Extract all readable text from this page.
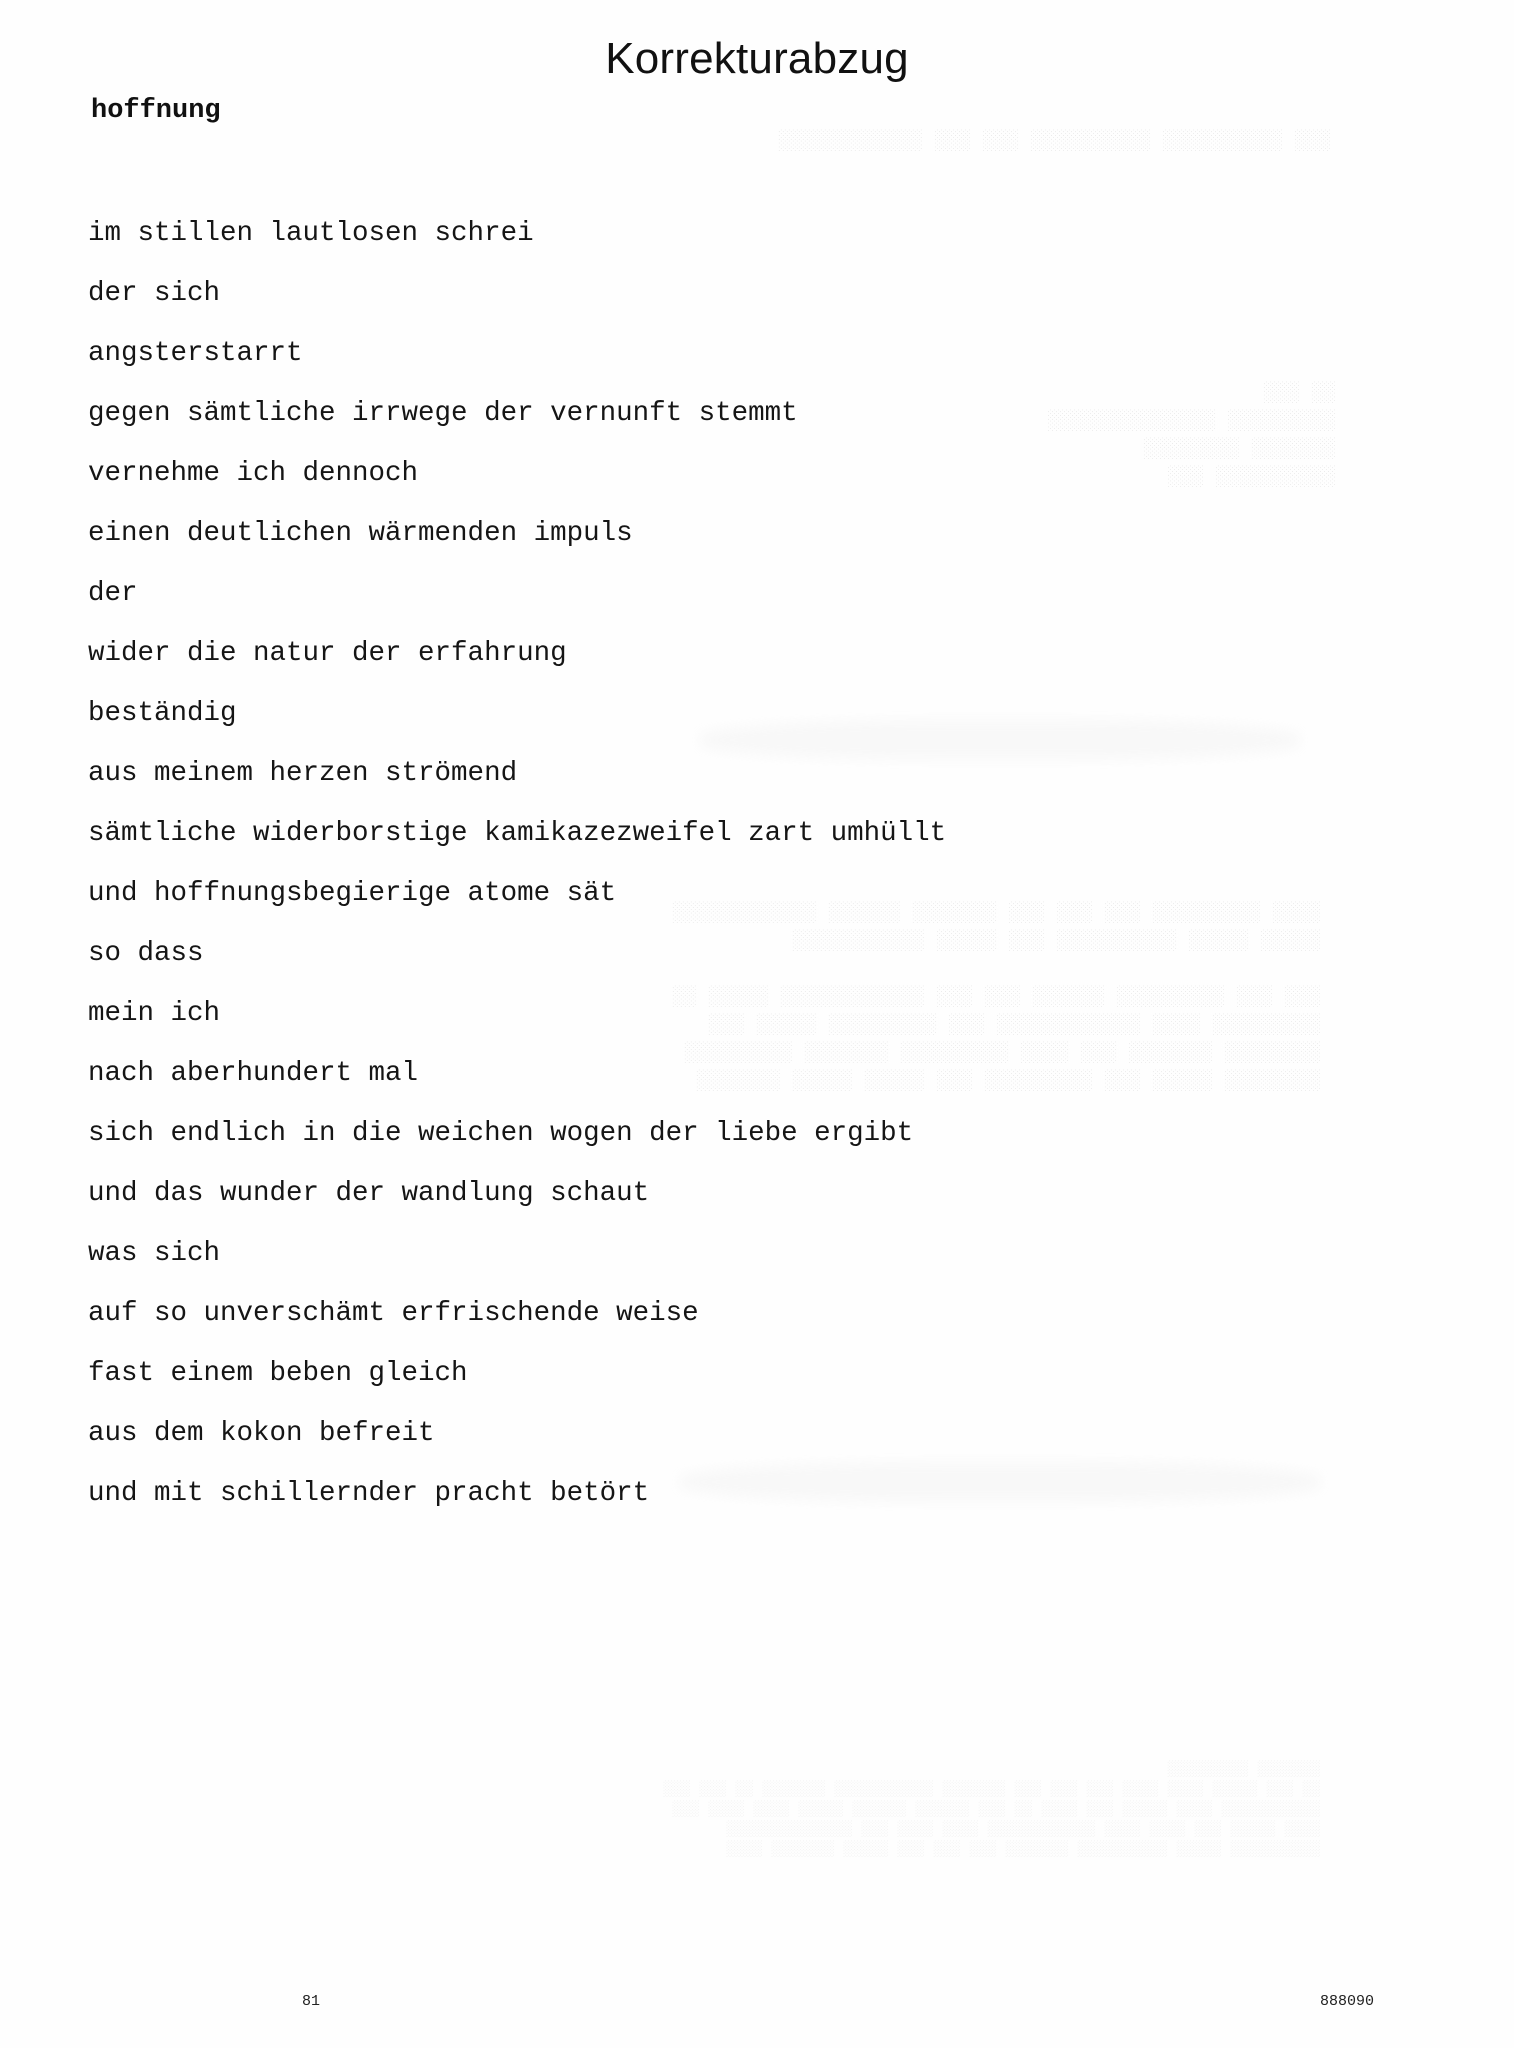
░░░ ░░░░░░░░░░ ░░░░░░░░░░ ░░░ ░░░ ░░░░░░░░░░░░
░░ ░░░
░░░░░░░░░ ░░░░░░░░░░░░░░
░░░░░░░ ░░░░░░░░
░░░░░░░░░░ ░░░
░░░░ ░░░░░░░░░ ░░░ ░░░ ░░░ ░░░░░░░ ░░░░░░ ░░░░░░░░░░░░
░░░░░ ░░░░░ ░░░░░░░░░░ ░░░ ░░░░░ ░░░░░░░░░░░

░░░ ░░░ ░░░░░░░░░ ░░░░░░ ░░░ ░░░ ░░░░░░░░░░░░ ░░░░░ ░░
░░░░░░░░░ ░░░░ ░░░░░░░░░░░░ ░░░ ░░░░░░░░░ ░░░░░ ░░░
░░░░░░░░ ░░░░░░░ ░░░ ░░░░ ░░░░░░░░░ ░░░░░░░ ░░░░░░░░░
░░░░░░░░ ░░░░░ ░░░ ░░░░░░░░░ ░░░ ░░░░░ ░░░░░ ░░░░░░░
░░░░░░░ ░░░░░░░░░
░░ ░░░ ░░░░░ ░░░░ ░░░░ ░░░ ░░░ ░░░ ░░░░░░░ ░░░░░░░░░░░ ░░░░░░░ ░░ ░░░ ░░░
░░░░░░░░░░░ ░░░░ ░░░░░ ░░░ ░░░░ ░░ ░░░ ░░░░░░ ░░░░░░ ░░░░░ ░░░░ ░░░░ ░░░
░░░░ ░░░░░ ░░░ ░░░░ ░░░░ ░░░░░░░░░░░░ ░░░░ ░░░░ ░░░ ░░░░░░░░░░░░░░
░░░░░░░░░░ ░░░░░ ░░░░░░░░░░ ░░░░░░░ ░░░ ░░░ ░░░ ░░░░░ ░░░░░░░ ░░░░
Korrekturabzug
hoffnung
im stillen lautlosen schrei
der sich
angsterstarrt
gegen sämtliche irrwege der vernunft stemmt
vernehme ich dennoch
einen deutlichen wärmenden impuls
der
wider die natur der erfahrung
beständig
aus meinem herzen strömend
sämtliche widerborstige kamikazezweifel zart umhüllt
und hoffnungsbegierige atome sät
so dass
mein ich
nach aberhundert mal
sich endlich in die weichen wogen der liebe ergibt
und das wunder der wandlung schaut
was sich
auf so unverschämt erfrischende weise
fast einem beben gleich
aus dem kokon befreit
und mit schillernder pracht betört
81	888090
